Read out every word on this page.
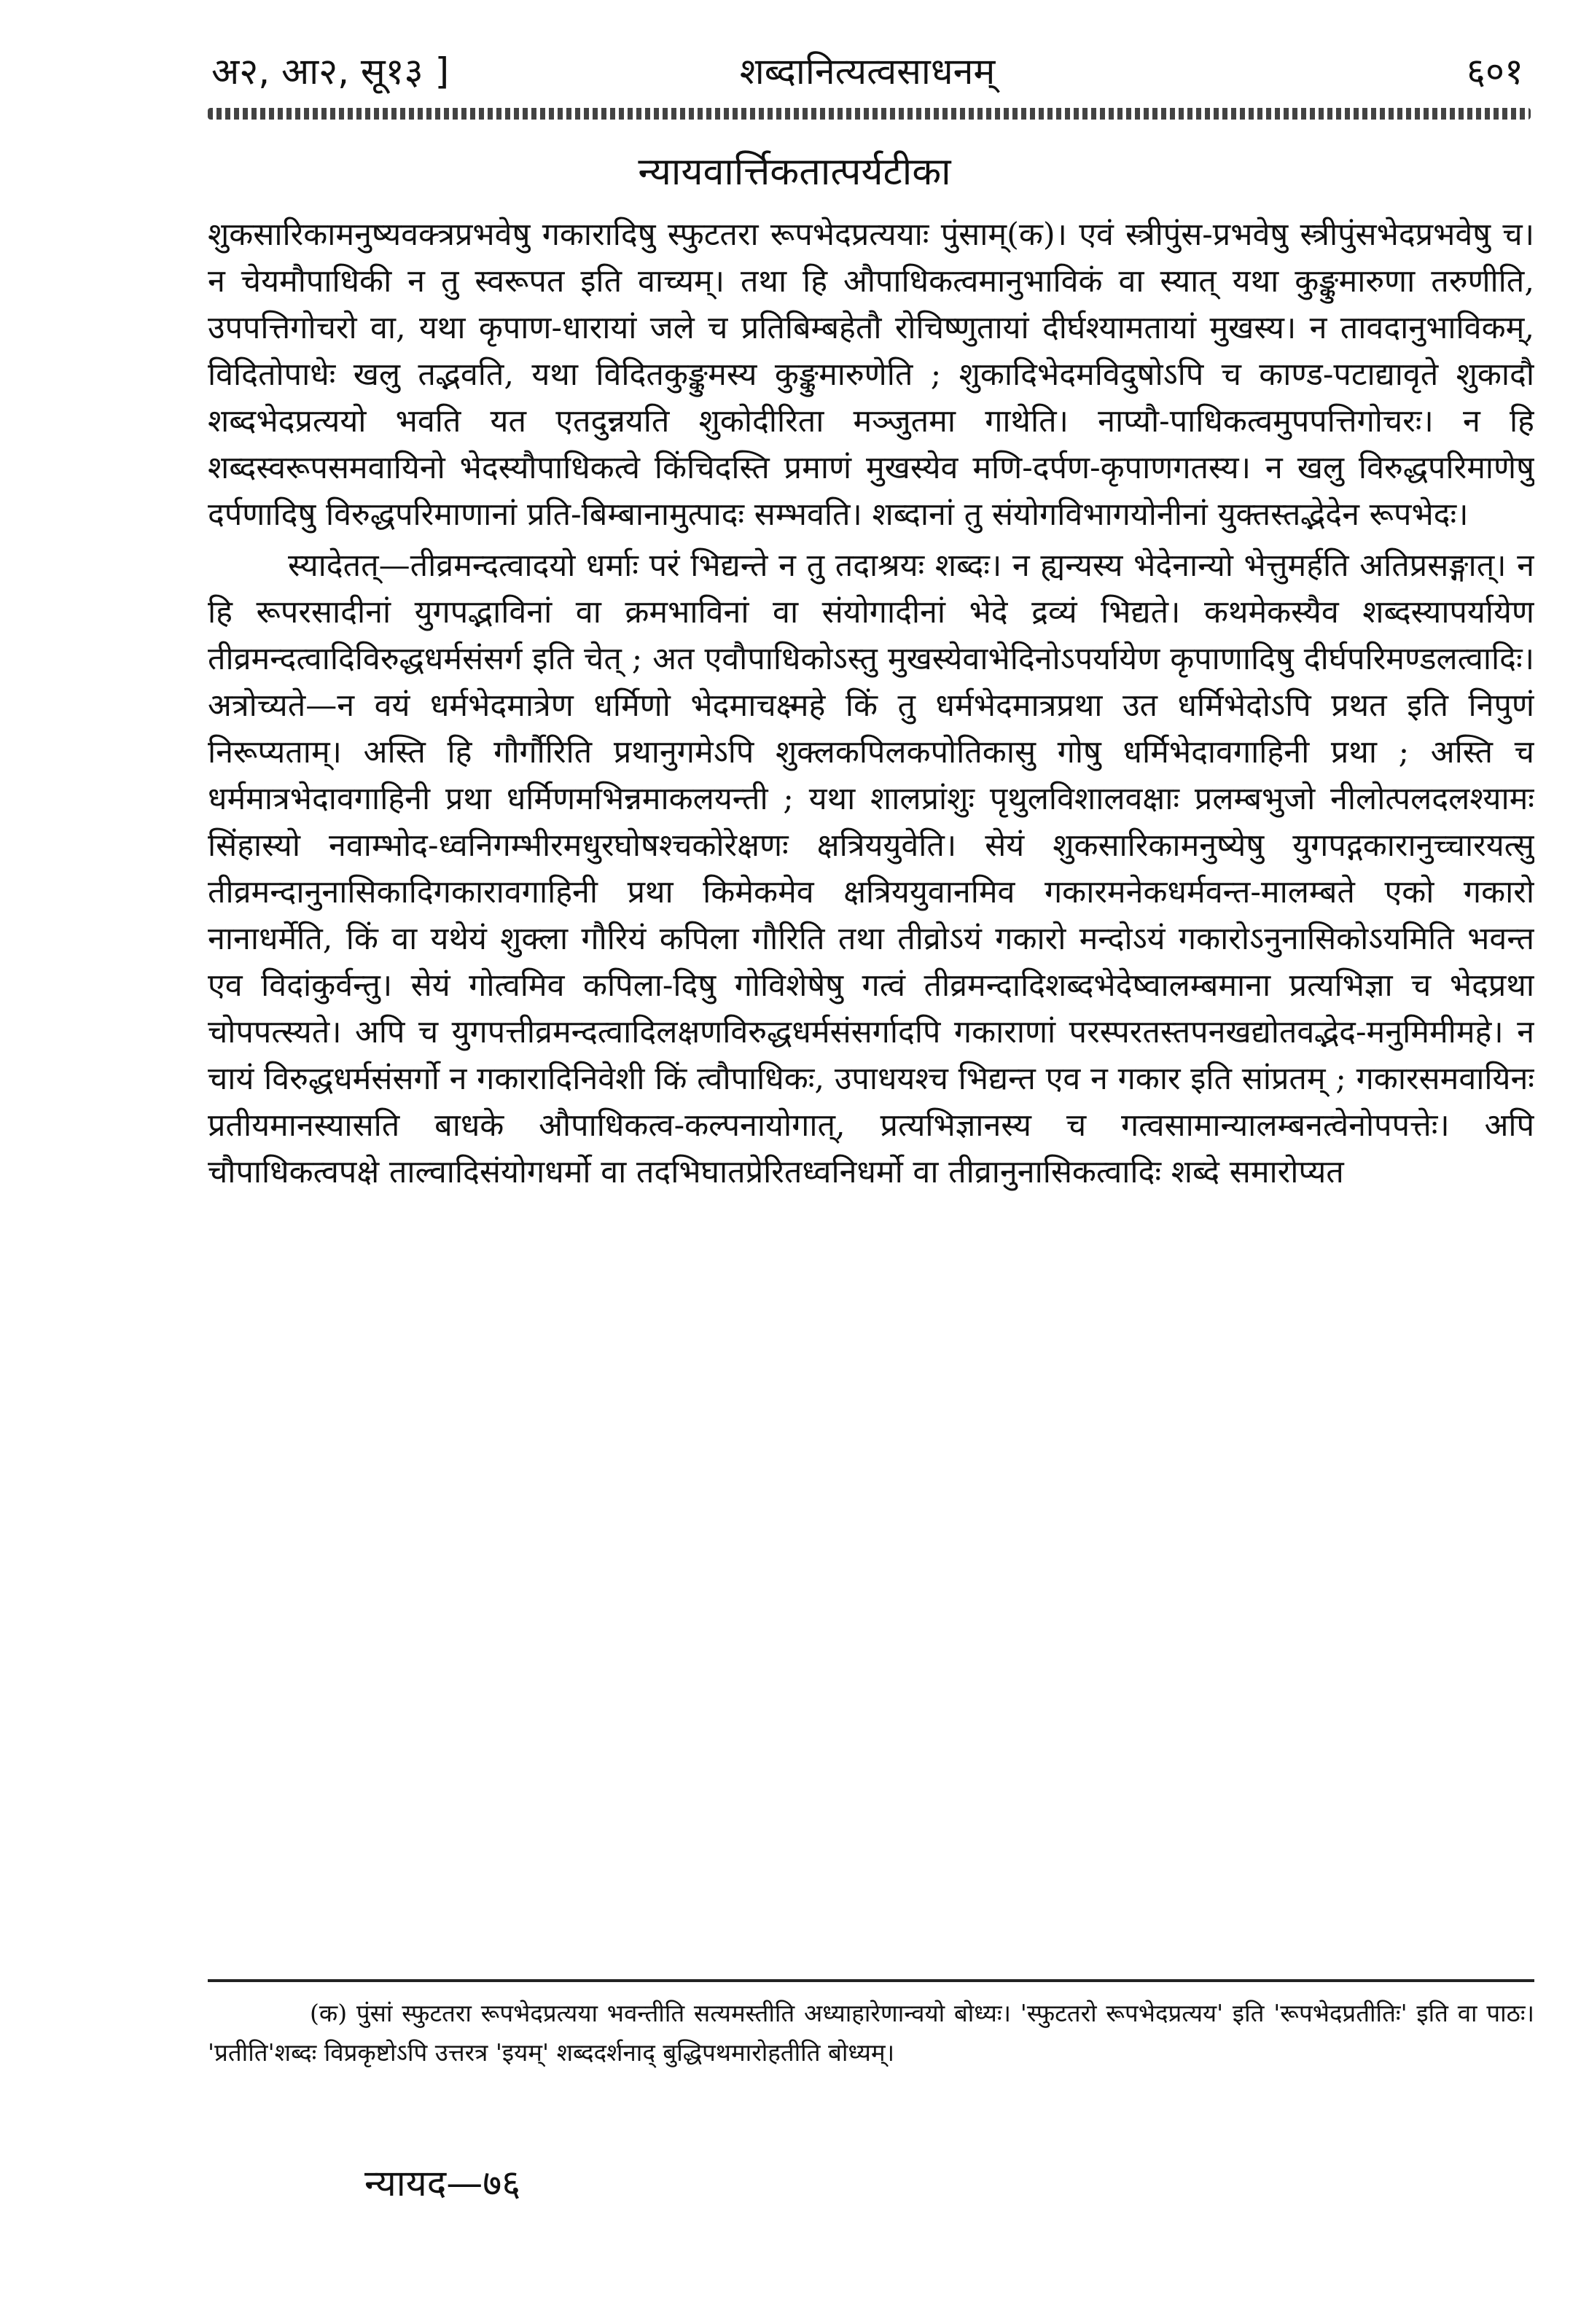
अ२, आ२, सू१३ ]	शब्दानित्यत्वसाधनम्	६०१
न्यायवार्त्तिकतात्पर्यटीका

शुकसारिकामनुष्यवक्त्रप्रभवेषु गकारादिषु स्फुटतरा रूपभेदप्रत्ययाः पुंसाम्(क)। एवं स्त्रीपुंस-प्रभवेषु स्त्रीपुंसभेदप्रभवेषु च। न चेयमौपाधिकी न तु स्वरूपत इति वाच्यम्। तथा हि औपाधिकत्वमानुभाविकं वा स्यात् यथा कुङ्कुमारुणा तरुणीति, उपपत्तिगोचरो वा, यथा कृपाण-धारायां जले च प्रतिबिम्बहेतौ रोचिष्णुतायां दीर्घश्यामतायां मुखस्य। न तावदानुभाविकम्, विदितोपाधेः खलु तद्भवति, यथा विदितकुङ्कुमस्य कुङ्कुमारुणेति ; शुकादिभेदमविदुषोऽपि च काण्ड-पटाद्यावृते शुकादौ शब्दभेदप्रत्ययो भवति यत एतदुन्नयति शुकोदीरिता मञ्जुतमा गाथेति। नाप्यौ-पाधिकत्वमुपपत्तिगोचरः। न हि शब्दस्वरूपसमवायिनो भेदस्यौपाधिकत्वे किंचिदस्ति प्रमाणं मुखस्येव मणि-दर्पण-कृपाणगतस्य। न खलु विरुद्धपरिमाणेषु दर्पणादिषु विरुद्धपरिमाणानां प्रति-बिम्बानामुत्पादः सम्भवति। शब्दानां तु संयोगविभागयोनीनां युक्तस्तद्भेदेन रूपभेदः।

स्यादेतत्—तीव्रमन्दत्वादयो धर्माः परं भिद्यन्ते न तु तदाश्रयः शब्दः। न ह्यन्यस्य भेदेनान्यो भेत्तुमर्हति अतिप्रसङ्गात्। न हि रूपरसादीनां युगपद्भाविनां वा क्रमभाविनां वा संयोगादीनां भेदे द्रव्यं भिद्यते। कथमेकस्यैव शब्दस्यापर्यायेण तीव्रमन्दत्वादिविरुद्धधर्मसंसर्ग इति चेत् ; अत एवौपाधिकोऽस्तु मुखस्येवाभेदिनोऽपर्यायेण कृपाणादिषु दीर्घपरिमण्डलत्वादिः। अत्रोच्यते—न वयं धर्मभेदमात्रेण धर्मिणो भेदमाचक्ष्महे किं तु धर्मभेदमात्रप्रथा उत धर्मिभेदोऽपि प्रथत इति निपुणं निरूप्यताम्। अस्ति हि गौर्गौरिति प्रथानुगमेऽपि शुक्लकपिलकपोतिकासु गोषु धर्मिभेदावगाहिनी प्रथा ; अस्ति च धर्ममात्रभेदावगाहिनी प्रथा धर्मिणमभिन्नमाकलयन्ती ; यथा शालप्रांशुः पृथुलविशालवक्षाः प्रलम्बभुजो नीलोत्पलदलश्यामः सिंहास्यो नवाम्भोद-ध्वनिगम्भीरमधुरघोषश्चकोरेक्षणः क्षत्रिययुवेति। सेयं शुकसारिकामनुष्येषु युगपद्गकारानुच्चारयत्सु तीव्रमन्दानुनासिकादिगकारावगाहिनी प्रथा किमेकमेव क्षत्रिययुवानमिव गकारमनेकधर्मवन्त-मालम्बते एको गकारो नानाधर्मेति, किं वा यथेयं शुक्ला गौरियं कपिला गौरिति तथा तीव्रोऽयं गकारो मन्दोऽयं गकारोऽनुनासिकोऽयमिति भवन्त एव विदांकुर्वन्तु। सेयं गोत्वमिव कपिला-दिषु गोविशेषेषु गत्वं तीव्रमन्दादिशब्दभेदेष्वालम्बमाना प्रत्यभिज्ञा च भेदप्रथा चोपपत्स्यते। अपि च युगपत्तीव्रमन्दत्वादिलक्षणविरुद्धधर्मसंसर्गादपि गकाराणां परस्परतस्तपनखद्योतवद्भेद-मनुमिमीमहे। न चायं विरुद्धधर्मसंसर्गो न गकारादिनिवेशी किं त्वौपाधिकः, उपाधयश्च भिद्यन्त एव न गकार इति सांप्रतम् ; गकारसमवायिनः प्रतीयमानस्यासति बाधके औपाधिकत्व-कल्पनायोगात्, प्रत्यभिज्ञानस्य च गत्वसामान्यालम्बनत्वेनोपपत्तेः। अपि चौपाधिकत्वपक्षे ताल्वादिसंयोगधर्मो वा तदभिघातप्रेरितध्वनिधर्मो वा तीव्रानुनासिकत्वादिः शब्दे समारोप्यत

(क) पुंसां स्फुटतरा रूपभेदप्रत्यया भवन्तीति सत्यमस्तीति अध्याहारेणान्वयो बोध्यः। 'स्फुटतरो रूपभेदप्रत्यय' इति 'रूपभेदप्रतीतिः' इति वा पाठः। 'प्रतीति'शब्दः विप्रकृष्टोऽपि उत्तरत्र 'इयम्' शब्ददर्शनाद् बुद्धिपथमारोहतीति बोध्यम्।
न्यायद—७६
